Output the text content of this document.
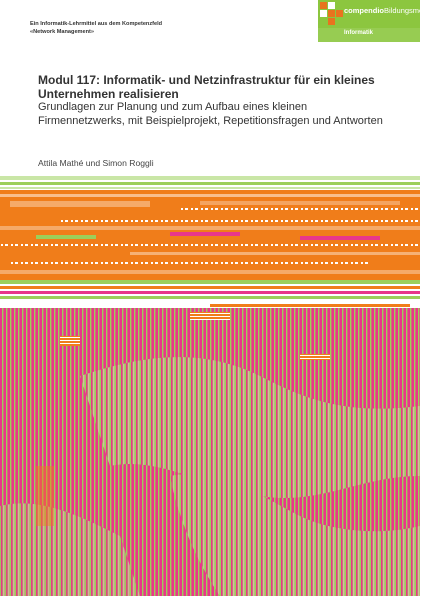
Ein Informatik-Lehrmittel aus dem Kompetenzfeld
«Network Management»
compendioBildungsmedien
Informatik
Modul 117: Informatik- und Netzinfrastruktur für ein kleines Unternehmen realisieren

Grundlagen zur Planung und zum Aufbau eines kleinen Firmennetzwerks, mit Beispielprojekt, Repetitionsfragen und Antworten

Attila Mathé und Simon Roggli
